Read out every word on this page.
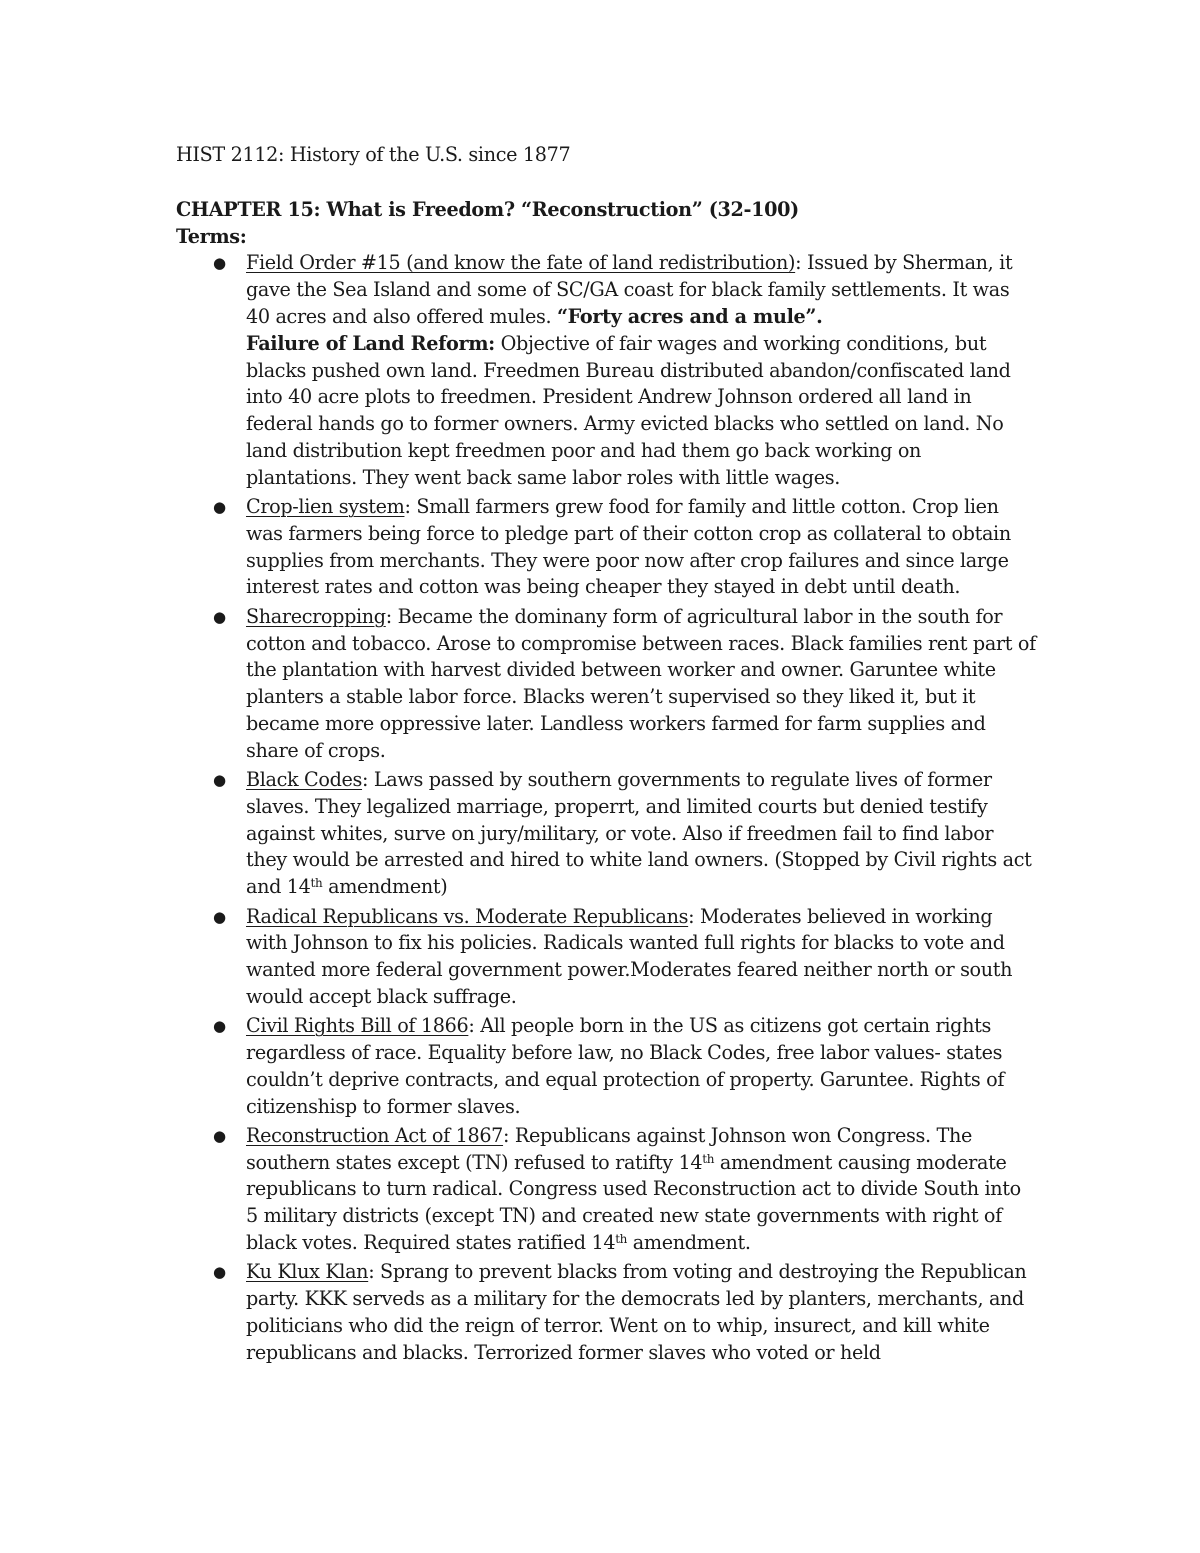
HIST 2112: History of the U.S. since 1877

CHAPTER 15: What is Freedom? “Reconstruction” (32-100)

Terms:

● Field Order #15 (and know the fate of land redistribution): Issued by Sherman, it gave the Sea Island and some of SC/GA coast for black family settlements. It was 40 acres and also offered mules. “Forty acres and a mule”.
Failure of Land Reform: Objective of fair wages and working conditions, but blacks pushed own land. Freedmen Bureau distributed abandon/confiscated land into 40 acre plots to freedmen. President Andrew Johnson ordered all land in federal hands go to former owners. Army evicted blacks who settled on land. No land distribution kept freedmen poor and had them go back working on plantations. They went back same labor roles with little wages.
● Crop-lien system: Small farmers grew food for family and little cotton. Crop lien was farmers being force to pledge part of their cotton crop as collateral to obtain supplies from merchants. They were poor now after crop failures and since large interest rates and cotton was being cheaper they stayed in debt until death.
● Sharecropping: Became the dominany form of agricultural labor in the south for cotton and tobacco. Arose to compromise between races. Black families rent part of the plantation with harvest divided between worker and owner. Garuntee white planters a stable labor force. Blacks weren’t supervised so they liked it, but it became more oppressive later. Landless workers farmed for farm supplies and share of crops.
● Black Codes: Laws passed by southern governments to regulate lives of former slaves. They legalized marriage, properrt, and limited courts but denied testify against whites, surve on jury/military, or vote. Also if freedmen fail to find labor they would be arrested and hired to white land owners. (Stopped by Civil rights act and 14th amendment)
● Radical Republicans vs. Moderate Republicans: Moderates believed in working with Johnson to fix his policies. Radicals wanted full rights for blacks to vote and wanted more federal government power.Moderates feared neither north or south would accept black suffrage.
● Civil Rights Bill of 1866: All people born in the US as citizens got certain rights regardless of race. Equality before law, no Black Codes, free labor values- states couldn’t deprive contracts, and equal protection of property. Garuntee. Rights of citizenshisp to former slaves.
● Reconstruction Act of 1867: Republicans against Johnson won Congress. The southern states except (TN) refused to ratifty 14th amendment causing moderate republicans to turn radical. Congress used Reconstruction act to divide South into 5 military districts (except TN) and created new state governments with right of black votes. Required states ratified 14th amendment.
● Ku Klux Klan: Sprang to prevent blacks from voting and destroying the Republican party. KKK serveds as a military for the democrats led by planters, merchants, and politicians who did the reign of terror. Went on to whip, insurect, and kill white republicans and blacks. Terrorized former slaves who voted or held
